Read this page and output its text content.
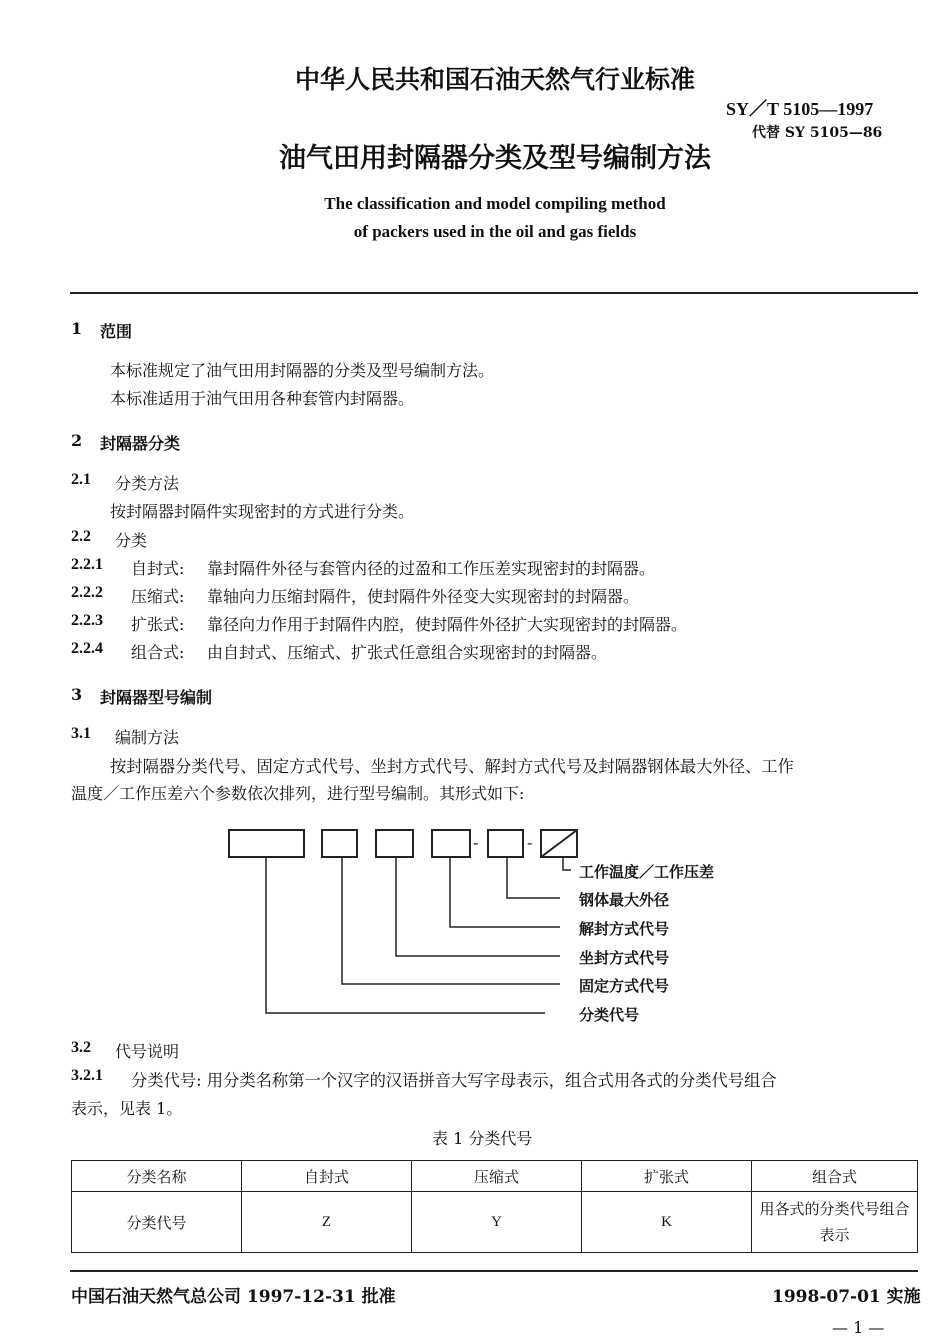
中华人民共和国石油天然气行业标准
SY／T 5105—1997
代替 SY 5105—86
油气田用封隔器分类及型号编制方法
The classification and model compiling method
of packers used in the oil and gas fields
1 范围
本标准规定了油气田用封隔器的分类及型号编制方法。
本标准适用于油气田用各种套管内封隔器。
2 封隔器分类
2.1 分类方法
按封隔器封隔件实现密封的方式进行分类。
2.2 分类
2.2.1 自封式: 靠封隔件外径与套管内径的过盈和工作压差实现密封的封隔器。
2.2.2 压缩式: 靠轴向力压缩封隔件，使封隔件外径变大实现密封的封隔器。
2.2.3 扩张式: 靠径向力作用于封隔件内腔，使封隔件外径扩大实现密封的封隔器。
2.2.4 组合式: 由自封式、压缩式、扩张式任意组合实现密封的封隔器。
3 封隔器型号编制
3.1 编制方法
按封隔器分类代号、固定方式代号、坐封方式代号、解封方式代号及封隔器钢体最大外径、工作
温度／工作压差六个参数依次排列，进行型号编制。其形式如下:
-	-
工作温度／工作压差
钢体最大外径
解封方式代号
坐封方式代号
固定方式代号
分类代号
3.2 代号说明
3.2.1 分类代号: 用分类名称第一个汉字的汉语拼音大写字母表示，组合式用各式的分类代号组合
表示，见表 1。
表 1 分类代号
分类名称	自封式	压缩式	扩张式	组合式
分类代号	Z	Y	K	用各式的分类代号组合
表示
中国石油天然气总公司 1997-12-31 批准	1998-07-01 实施
— 1 —
